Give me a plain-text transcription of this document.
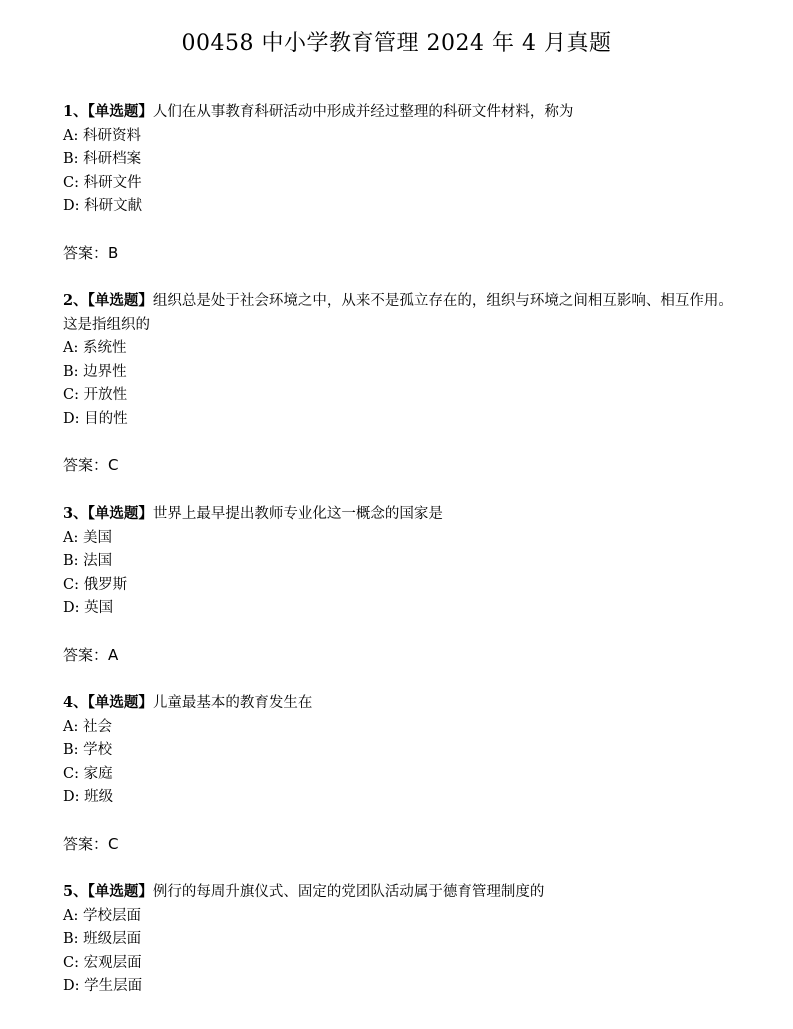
00458 中小学教育管理 2024 年 4 月真题

1、【单选题】人们在从事教育科研活动中形成并经过整理的科研文件材料，称为

A: 科研资料
B: 科研档案
C: 科研文件
D: 科研文献
答案：B

2、【单选题】组织总是处于社会环境之中，从来不是孤立存在的，组织与环境之间相互影响、相互作用。这是指组织的

A: 系统性
B: 边界性
C: 开放性
D: 目的性
答案：C

3、【单选题】世界上最早提出教师专业化这一概念的国家是

A: 美国
B: 法国
C: 俄罗斯
D: 英国
答案：A

4、【单选题】儿童最基本的教育发生在

A: 社会
B: 学校
C: 家庭
D: 班级
答案：C

5、【单选题】例行的每周升旗仪式、固定的党团队活动属于德育管理制度的

A: 学校层面
B: 班级层面
C: 宏观层面
D: 学生层面
